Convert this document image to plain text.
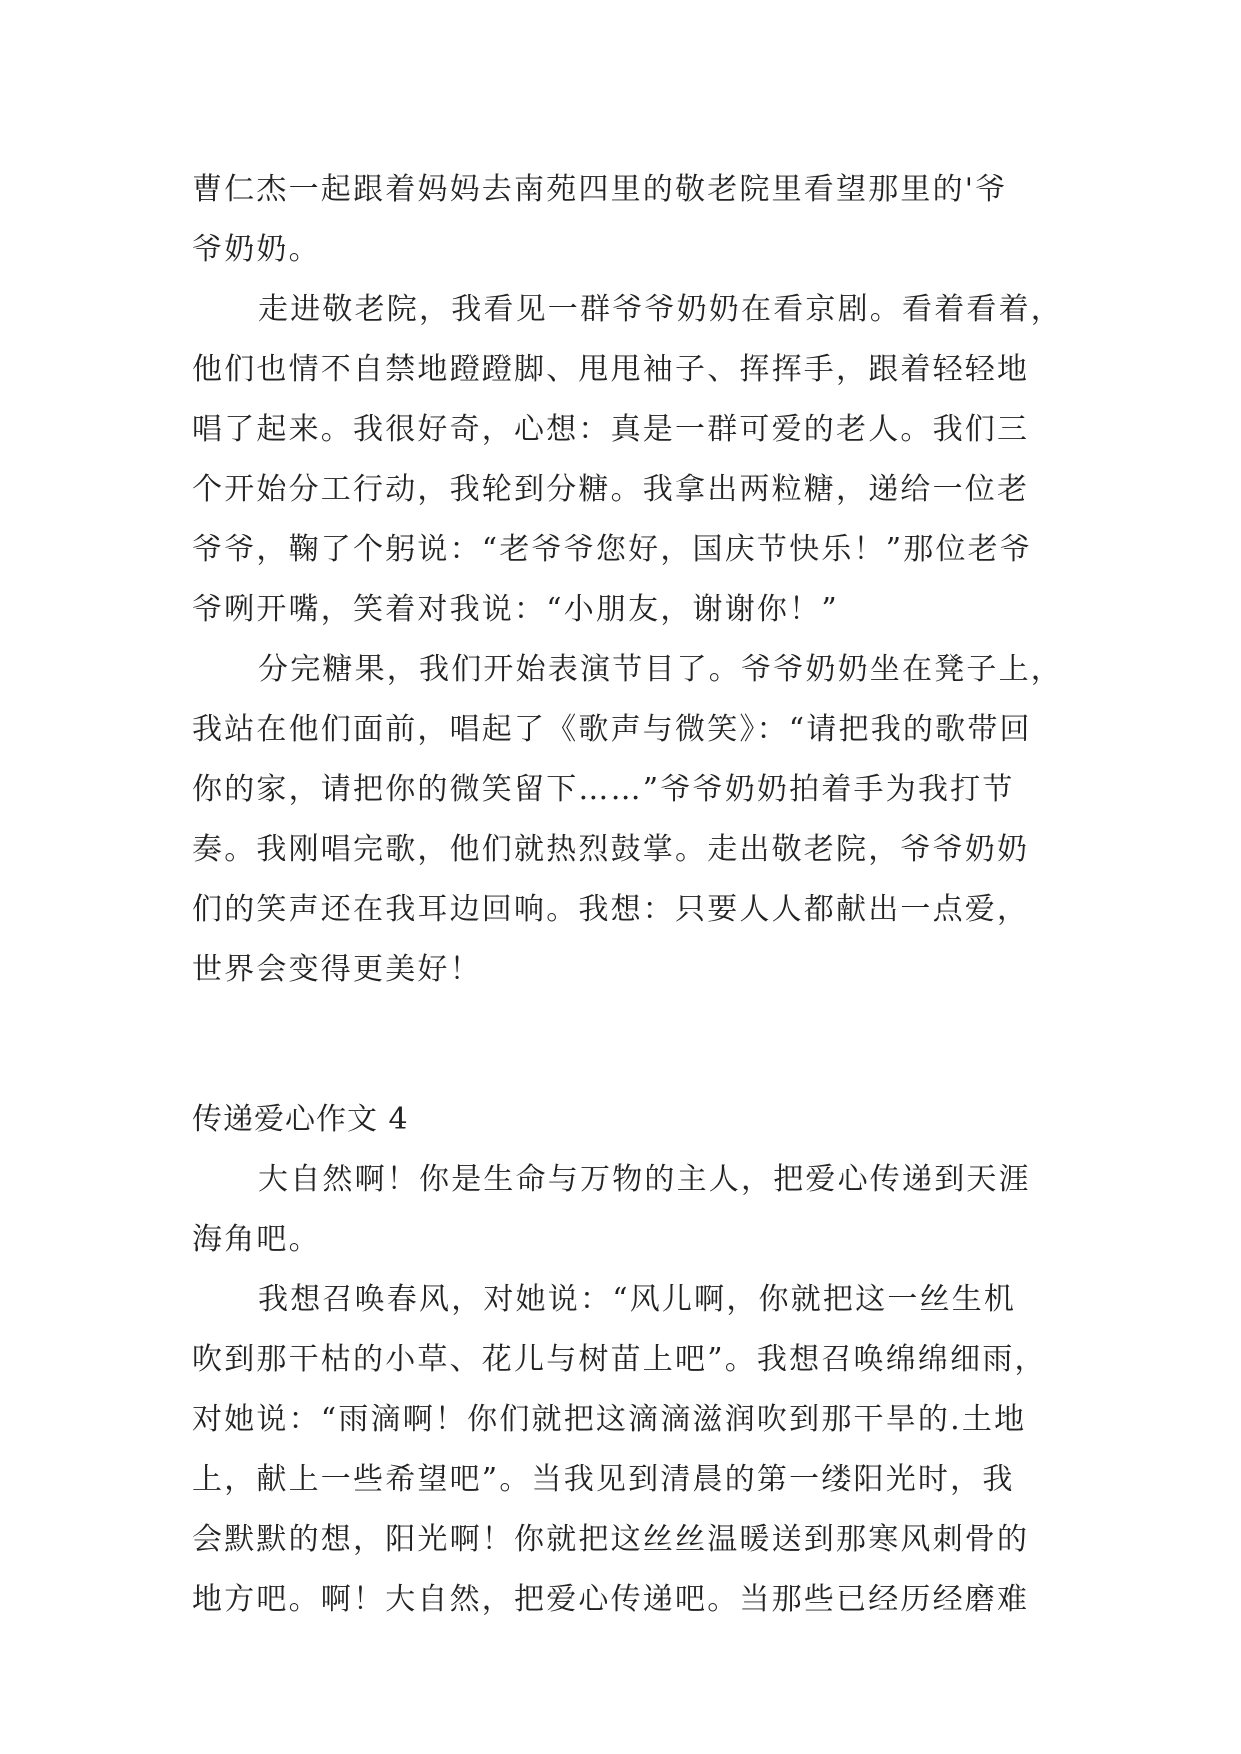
曹仁杰一起跟着妈妈去南苑四里的敬老院里看望那里的'爷
爷奶奶。
走进敬老院，我看见一群爷爷奶奶在看京剧。看着看着，
他们也情不自禁地蹬蹬脚、甩甩袖子、挥挥手，跟着轻轻地
唱了起来。我很好奇，心想：真是一群可爱的老人。我们三
个开始分工行动，我轮到分糖。我拿出两粒糖，递给一位老
爷爷，鞠了个躬说：“老爷爷您好，国庆节快乐！”那位老爷
爷咧开嘴，笑着对我说：“小朋友，谢谢你！”
分完糖果，我们开始表演节目了。爷爷奶奶坐在凳子上，
我站在他们面前，唱起了《歌声与微笑》：“请把我的歌带回
你的家，请把你的微笑留下……”爷爷奶奶拍着手为我打节
奏。我刚唱完歌，他们就热烈鼓掌。走出敬老院，爷爷奶奶
们的笑声还在我耳边回响。我想：只要人人都献出一点爱，
世界会变得更美好！
传递爱心作文 4
大自然啊！你是生命与万物的主人，把爱心传递到天涯
海角吧。
我想召唤春风，对她说：“风儿啊，你就把这一丝生机
吹到那干枯的小草、花儿与树苗上吧”。我想召唤绵绵细雨，
对她说：“雨滴啊！你们就把这滴滴滋润吹到那干旱的.土地
上，献上一些希望吧”。当我见到清晨的第一缕阳光时，我
会默默的想，阳光啊！你就把这丝丝温暖送到那寒风刺骨的
地方吧。啊！大自然，把爱心传递吧。当那些已经历经磨难
